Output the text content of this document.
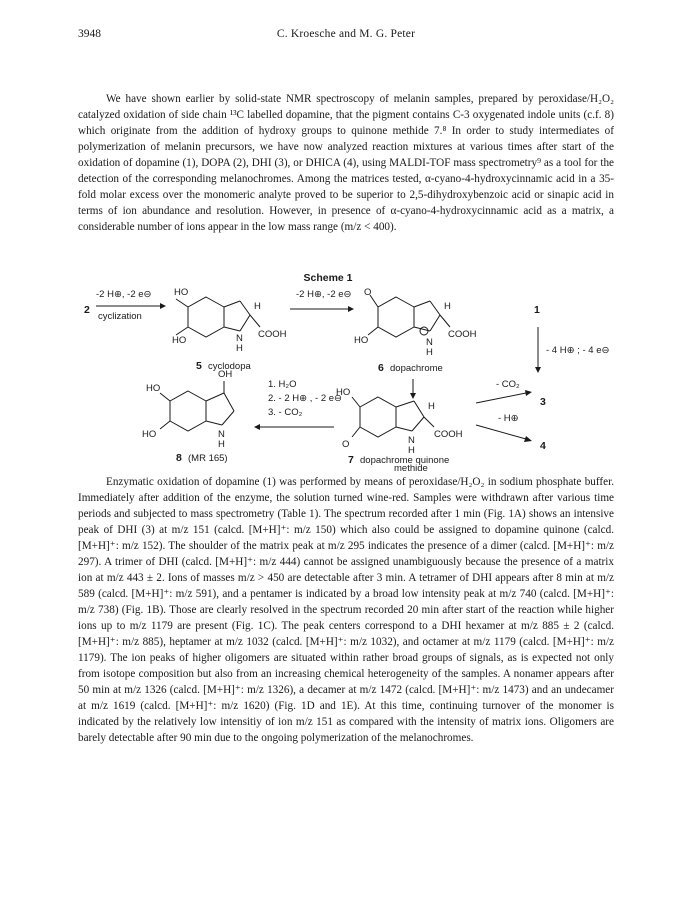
3948	C. Kroesche and M. G. Peter

We have shown earlier by solid-state NMR spectroscopy of melanin samples, prepared by peroxidase/H₂O₂ catalyzed oxidation of side chain ¹³C labelled dopamine, that the pigment contains C-3 oxygenated indole units (c.f. 8) which originate from the addition of hydroxy groups to quinone methide 7.⁸ In order to study intermediates of polymerization of melanin precursors, we have now analyzed reaction mixtures at various times after start of the oxidation of dopamine (1), DOPA (2), DHI (3), or DHICA (4), using MALDI-TOF mass spectrometry⁹ as a tool for the detection of the corresponding melanochromes. Among the matrices tested, α-cyano-4-hydroxycinnamic acid in a 35-fold molar excess over the monomeric analyte proved to be superior to 2,5-dihydroxybenzoic acid or sinapic acid in terms of ion abundance and resolution. However, in presence of α-cyano-4-hydroxycinnamic acid as a matrix, a considerable number of ions appear in the low mass range (m/z < 400).

Scheme 1
2
-2 H⊕, -2 e⊖
cyclization
HO
HO
H
N
H
COOH
5 cyclodopa
-2 H⊕, -2 e⊖ O
HO
H
N
H
COOH
6 dopachrome
1
- 4 H⊕ ; - 4 e⊖
OH
HO
HO	N
H
8 (MR 165)
1. H₂O
2. - 2 H⊕ , - 2 e⊖
3. - CO₂
HO
O
H
N
H
COOH
7 dopachrome quinone
methide
- CO₂
3
- H⊕
4

Enzymatic oxidation of dopamine (1) was performed by means of peroxidase/H₂O₂ in sodium phosphate buffer. Immediately after addition of the enzyme, the solution turned wine-red. Samples were withdrawn after various time periods and subjected to mass spectrometry (Table 1). The spectrum recorded after 1 min (Fig. 1A) shows an intensive peak of DHI (3) at m/z 151 (calcd. [M+H]⁺: m/z 150) which also could be assigned to dopamine quinone (calcd. [M+H]⁺: m/z 152). The shoulder of the matrix peak at m/z 295 indicates the presence of a dimer (calcd. [M+H]⁺: m/z 297). A trimer of DHI (calcd. [M+H]⁺: m/z 444) cannot be assigned unambiguously because the presence of a matrix ion at m/z 443 ± 2. Ions of masses m/z > 450 are detectable after 3 min. A tetramer of DHI appears after 8 min at m/z 589 (calcd. [M+H]⁺: m/z 591), and a pentamer is indicated by a broad low intensity peak at m/z 740 (calcd. [M+H]⁺: m/z 738) (Fig. 1B). Those are clearly resolved in the spectrum recorded 20 min after start of the reaction while higher ions up to m/z 1179 are present (Fig. 1C). The peak centers correspond to a DHI hexamer at m/z 885 ± 2 (calcd. [M+H]⁺: m/z 885), heptamer at m/z 1032 (calcd. [M+H]⁺: m/z 1032), and octamer at m/z 1179 (calcd. [M+H]⁺: m/z 1179). The ion peaks of higher oligomers are situated within rather broad groups of signals, as is expected not only from isotope composition but also from an increasing chemical heterogeneity of the samples. A nonamer appears after 50 min at m/z 1326 (calcd. [M+H]⁺: m/z 1326), a decamer at m/z 1472 (calcd. [M+H]⁺: m/z 1473) and an undecamer at m/z 1619 (calcd. [M+H]⁺: m/z 1620) (Fig. 1D and 1E). At this time, continuing turnover of the monomer is indicated by the relatively low intensitiy of ion m/z 151 as compared with the intensity of matrix ions. Oligomers are barely detectable after 90 min due to the ongoing polymerization of the melanochromes.
